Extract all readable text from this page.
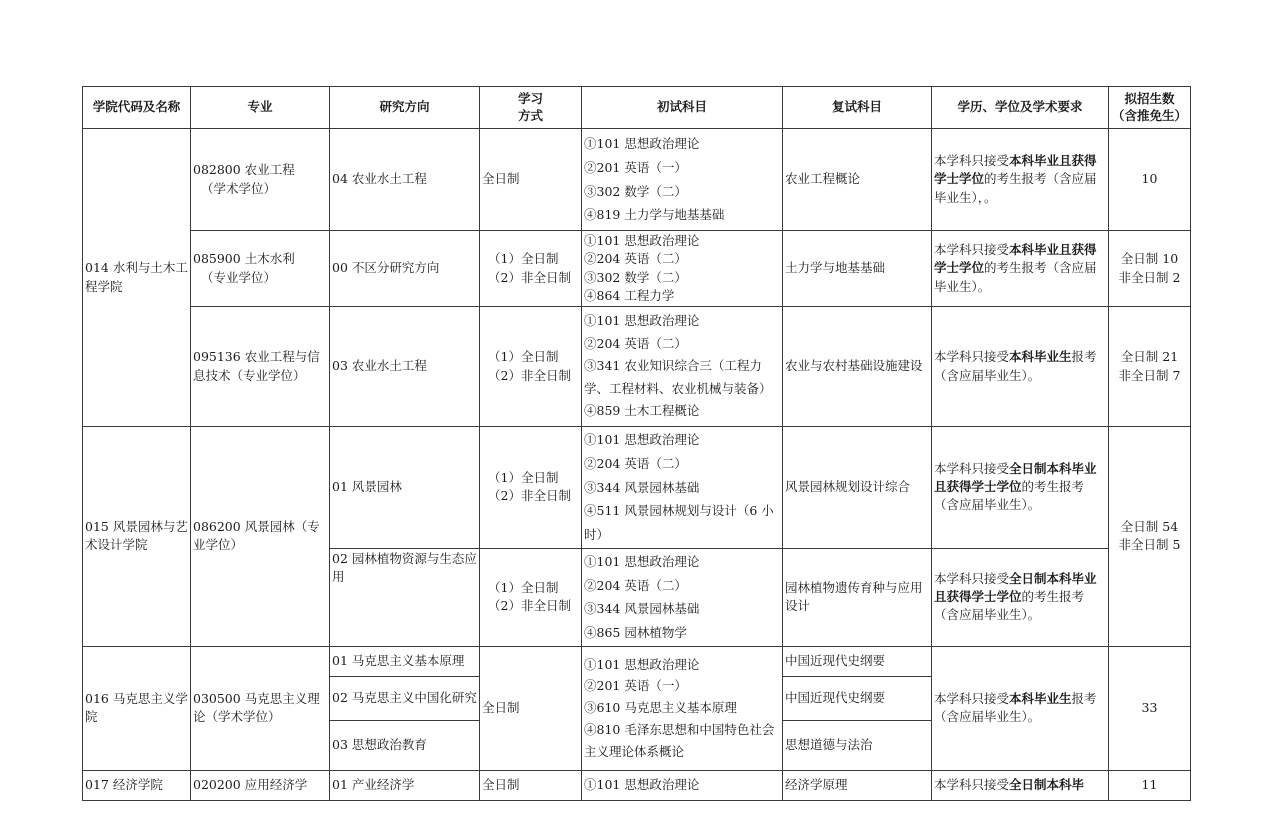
学院代码及名称	专业	研究方向	学习
方式	初试科目	复试科目	学历、学位及学术要求	拟招生数
（含推免生）

014 水利与土木工程学院	082800 农业工程
（学术学位）	04 农业水土工程	全日制	①101 思想政治理论
②201 英语（一）
③302 数学（二）
④819 土力学与地基基础	农业工程概论	本学科只接受本科毕业且获得学士学位的考生报考（含应届毕业生），。	10

	085900 土木水利
（专业学位）	00 不区分研究方向	（1）全日制
（2）非全日制	①101 思想政治理论
②204 英语（二）
③302 数学（二）
④864 工程力学	土力学与地基基础	本学科只接受本科毕业且获得学士学位的考生报考（含应届毕业生）。	全日制 10
非全日制 2

	095136 农业工程与信息技术（专业学位）	03 农业水土工程	（1）全日制
（2）非全日制	①101 思想政治理论
②204 英语（二）
③341 农业知识综合三（工程力学、工程材料、农业机械与装备）
④859 土木工程概论	农业与农村基础设施建设	本学科只接受本科毕业生报考（含应届毕业生）。	全日制 21
非全日制 7

015 风景园林与艺术设计学院	086200 风景园林（专业学位）	01 风景园林	（1）全日制
（2）非全日制	①101 思想政治理论
②204 英语（二）
③344 风景园林基础
④511 风景园林规划与设计（6 小时）	风景园林规划设计综合	本学科只接受全日制本科毕业且获得学士学位的考生报考（含应届毕业生）。	全日制 54
非全日制 5

		02 园林植物资源与生态应用	（1）全日制
（2）非全日制	①101 思想政治理论
②204 英语（二）
③344 风景园林基础
④865 园林植物学	园林植物遗传育种与应用设计	本学科只接受全日制本科毕业且获得学士学位的考生报考（含应届毕业生）。	
016 马克思主义学院	030500 马克思主义理论（学术学位）	01 马克思主义基本原理	全日制	①101 思想政治理论
②201 英语（一）
③610 马克思主义基本原理
④810 毛泽东思想和中国特色社会主义理论体系概论	中国近现代史纲要	本学科只接受本科毕业生报考（含应届毕业生）。	33
		02 马克思主义中国化研究			中国近现代史纲要		
		03 思想政治教育			思想道德与法治		
017 经济学院	020200 应用经济学	01 产业经济学	全日制	①101 思想政治理论	经济学原理	本学科只接受全日制本科毕	11
